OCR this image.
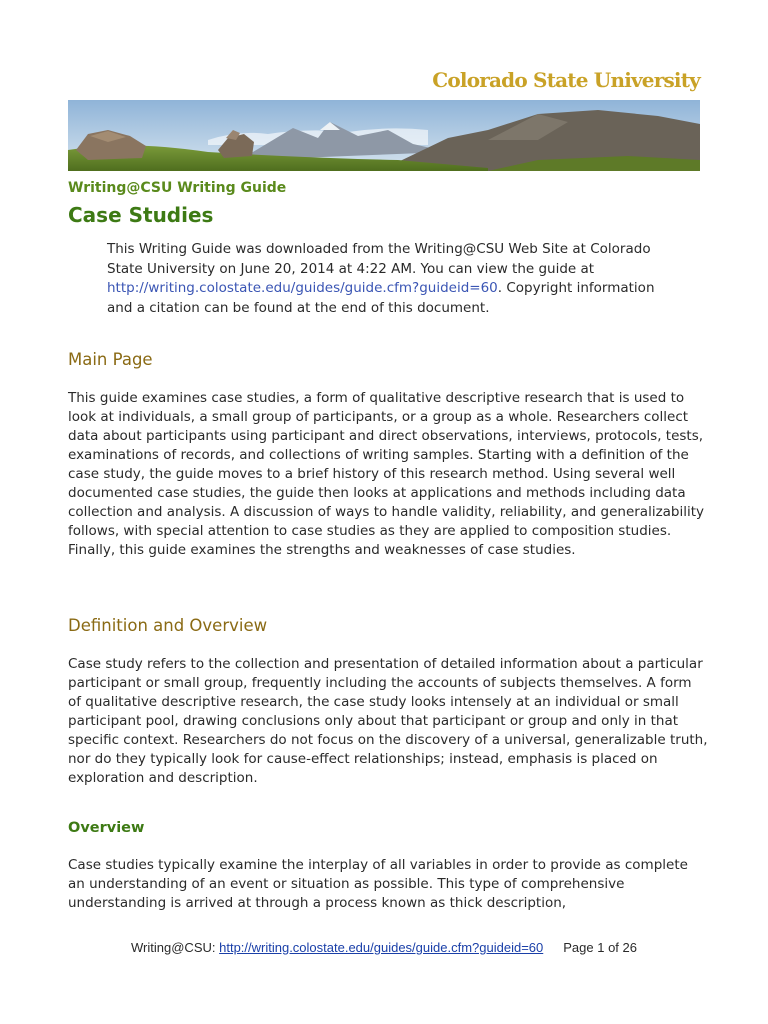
Colorado State University
Writing@CSU Writing Guide
Case Studies

This Writing Guide was downloaded from the Writing@CSU Web Site at Colorado State University on June 20, 2014 at 4:22 AM. You can view the guide at http://writing.colostate.edu/guides/guide.cfm?guideid=60. Copyright information and a citation can be found at the end of this document.

Main Page

This guide examines case studies, a form of qualitative descriptive research that is used to look at individuals, a small group of participants, or a group as a whole. Researchers collect data about participants using participant and direct observations, interviews, protocols, tests, examinations of records, and collections of writing samples. Starting with a definition of the case study, the guide moves to a brief history of this research method. Using several well documented case studies, the guide then looks at applications and methods including data collection and analysis. A discussion of ways to handle validity, reliability, and generalizability follows, with special attention to case studies as they are applied to composition studies. Finally, this guide examines the strengths and weaknesses of case studies.

Definition and Overview

Case study refers to the collection and presentation of detailed information about a particular participant or small group, frequently including the accounts of subjects themselves. A form of qualitative descriptive research, the case study looks intensely at an individual or small participant pool, drawing conclusions only about that participant or group and only in that specific context. Researchers do not focus on the discovery of a universal, generalizable truth, nor do they typically look for cause-effect relationships; instead, emphasis is placed on exploration and description.

Overview

Case studies typically examine the interplay of all variables in order to provide as complete an understanding of an event or situation as possible. This type of comprehensive understanding is arrived at through a process known as thick description,

Writing@CSU: http://writing.colostate.edu/guides/guide.cfm?guideid=60 Page 1 of 26
